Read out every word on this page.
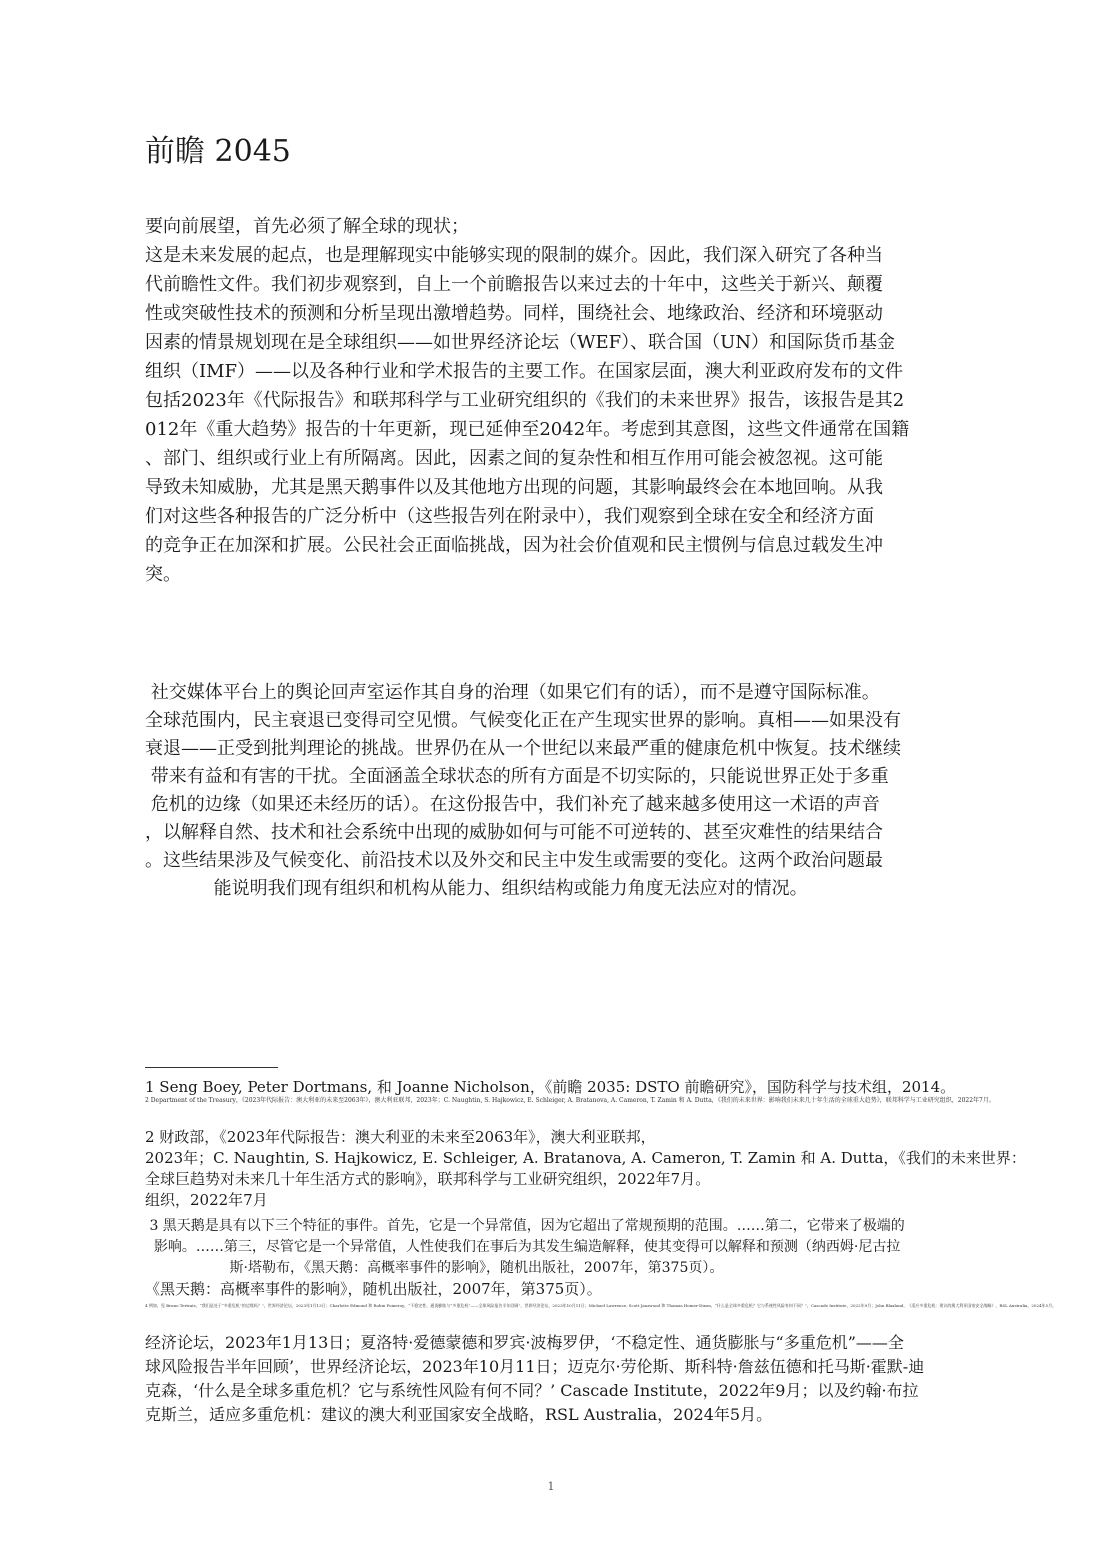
前瞻 2045
要向前展望，首先必须了解全球的现状；
这是未来发展的起点，也是理解现实中能够实现的限制的媒介。因此，我们深入研究了各种当
代前瞻性文件。我们初步观察到，自上一个前瞻报告以来过去的十年中，这些关于新兴、颠覆
性或突破性技术的预测和分析呈现出激增趋势。同样，围绕社会、地缘政治、经济和环境驱动
因素的情景规划现在是全球组织——如世界经济论坛（WEF）、联合国（UN）和国际货币基金
组织（IMF）——以及各种行业和学术报告的主要工作。在国家层面，澳大利亚政府发布的文件
包括2023年《代际报告》和联邦科学与工业研究组织的《我们的未来世界》报告，该报告是其2
012年《重大趋势》报告的十年更新，现已延伸至2042年。考虑到其意图，这些文件通常在国籍
、部门、组织或行业上有所隔离。因此，因素之间的复杂性和相互作用可能会被忽视。这可能
导致未知威胁，尤其是黑天鹅事件以及其他地方出现的问题，其影响最终会在本地回响。从我
们对这些各种报告的广泛分析中（这些报告列在附录中），我们观察到全球在安全和经济方面
的竞争正在加深和扩展。公民社会正面临挑战，因为社会价值观和民主惯例与信息过载发生冲
突。
社交媒体平台上的舆论回声室运作其自身的治理（如果它们有的话），而不是遵守国际标准。
全球范围内，民主衰退已变得司空见惯。气候变化正在产生现实世界的影响。真相——如果没有
衰退——正受到批判理论的挑战。世界仍在从一个世纪以来最严重的健康危机中恢复。技术继续
带来有益和有害的干扰。全面涵盖全球状态的所有方面是不切实际的，只能说世界正处于多重
危机的边缘（如果还未经历的话）。在这份报告中，我们补充了越来越多使用这一术语的声音
，以解释自然、技术和社会系统中出现的威胁如何与可能不可逆转的、甚至灾难性的结果结合
。这些结果涉及气候变化、前沿技术以及外交和民主中发生或需要的变化。这两个政治问题最
能说明我们现有组织和机构从能力、组织结构或能力角度无法应对的情况。

1 Seng Boey, Peter Dortmans, 和 Joanne Nicholson，《前瞻 2035: DSTO 前瞻研究》，国防科学与技术组，2014。

2 Department of the Treasury，《2023年代际报告：澳大利亚的未来至2063年》，澳大利亚联邦，2023年；C. Naughtin, S. Hajkowicz, E. Schleiger, A. Bratanova, A. Cameron, T. Zamin 和 A. Dutta，《我们的未来世界：影响我们未来几十年生活的全球重大趋势》，联邦科学与工业研究组织，2022年7月。

2 财政部，《2023年代际报告：澳大利亚的未来至2063年》，澳大利亚联邦，
2023年；C. Naughtin, S. Hajkowicz, E. Schleiger, A. Bratanova, A. Cameron, T. Zamin 和 A. Dutta，《我们的未来世界：
全球巨趋势对未来几十年生活方式的影响》，联邦科学与工业研究组织，2022年7月。
组织，2022年7月
3 黑天鹅是具有以下三个特征的事件。首先，它是一个异常值，因为它超出了常规预期的范围。……第二，它带来了极端的
影响。……第三，尽管它是一个异常值，人性使我们在事后为其发生编造解释，使其变得可以解释和预测（纳西姆·尼古拉
斯·塔勒布，《黑天鹅：高概率事件的影响》，随机出版社，2007年，第375页）。
《黑天鹅：高概率事件的影响》，随机出版社，2007年，第375页）。

4 例如，见 Bruno Tertrais，“我们是处于“多重危机”的边缘吗？”，世界经济论坛，2023年1月13日；Charlotte Edmond 和 Robin Pomeroy，“不稳定性、通货膨胀与“多重危机”——全球风险报告半年回顾”，世界经济论坛，2023年10月11日；Michael Lawrence, Scott Janzwood 和 Thomas Homer-Dixon，“什么是全球多重危机？它与系统性风险有何不同？”，Cascade Institute，2022年9月；John Blaxland，《适应多重危机：建议的澳大利亚国家安全战略》，RSL Australia，2024年5月。

经济论坛，2023年1月13日；夏洛特·爱德蒙德和罗宾·波梅罗伊，‘不稳定性、通货膨胀与“多重危机”——全
球风险报告半年回顾’，世界经济论坛，2023年10月11日；迈克尔·劳伦斯、斯科特·詹兹伍德和托马斯·霍默-迪
克森，‘什么是全球多重危机？它与系统性风险有何不同？’ Cascade Institute，2022年9月；以及约翰·布拉
克斯兰，适应多重危机：建议的澳大利亚国家安全战略，RSL Australia，2024年5月。
1
